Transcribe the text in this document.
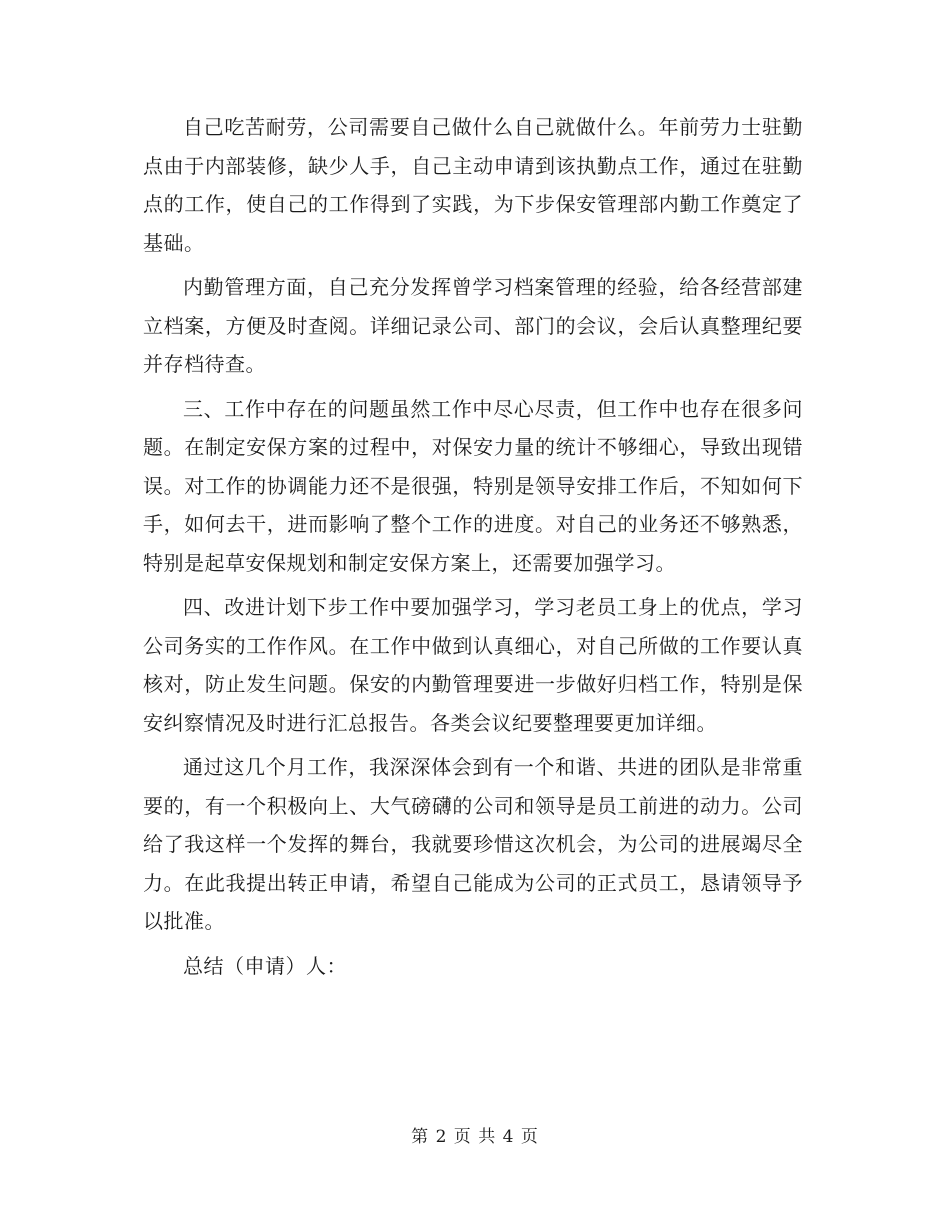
自己吃苦耐劳，公司需要自己做什么自己就做什么。年前劳力士驻勤点由于内部装修，缺少人手，自己主动申请到该执勤点工作，通过在驻勤点的工作，使自己的工作得到了实践，为下步保安管理部内勤工作奠定了基础。

内勤管理方面，自己充分发挥曾学习档案管理的经验，给各经营部建立档案，方便及时查阅。详细记录公司、部门的会议，会后认真整理纪要并存档待查。

三、工作中存在的问题虽然工作中尽心尽责，但工作中也存在很多问题。在制定安保方案的过程中，对保安力量的统计不够细心，导致出现错误。对工作的协调能力还不是很强，特别是领导安排工作后，不知如何下手，如何去干，进而影响了整个工作的进度。对自己的业务还不够熟悉，特别是起草安保规划和制定安保方案上，还需要加强学习。

四、改进计划下步工作中要加强学习，学习老员工身上的优点，学习公司务实的工作作风。在工作中做到认真细心，对自己所做的工作要认真核对，防止发生问题。保安的内勤管理要进一步做好归档工作，特别是保安纠察情况及时进行汇总报告。各类会议纪要整理要更加详细。

通过这几个月工作，我深深体会到有一个和谐、共进的团队是非常重要的，有一个积极向上、大气磅礴的公司和领导是员工前进的动力。公司给了我这样一个发挥的舞台，我就要珍惜这次机会，为公司的进展竭尽全力。在此我提出转正申请，希望自己能成为公司的正式员工，恳请领导予以批准。

总结（申请）人：

第 2 页 共 4 页
